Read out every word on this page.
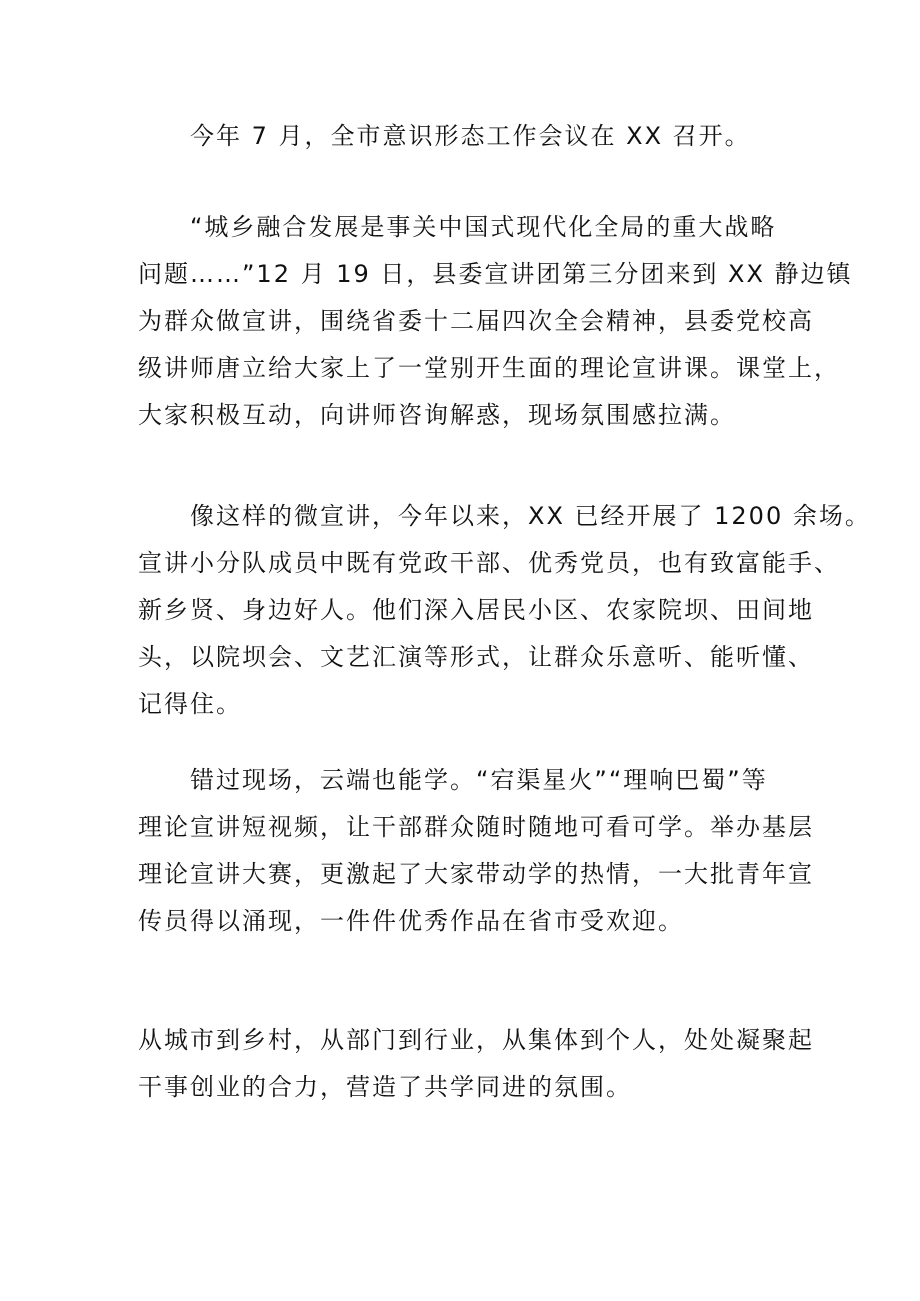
今年 7 月，全市意识形态工作会议在 XX 召开。

“城乡融合发展是事关中国式现代化全局的重大战略
问题……”12 月 19 日，县委宣讲团第三分团来到 XX 静边镇
为群众做宣讲，围绕省委十二届四次全会精神，县委党校高
级讲师唐立给大家上了一堂别开生面的理论宣讲课。课堂上，
大家积极互动，向讲师咨询解惑，现场氛围感拉满。

像这样的微宣讲，今年以来，XX 已经开展了 1200 余场。
宣讲小分队成员中既有党政干部、优秀党员，也有致富能手、
新乡贤、身边好人。他们深入居民小区、农家院坝、田间地
头，以院坝会、文艺汇演等形式，让群众乐意听、能听懂、
记得住。

错过现场，云端也能学。“宕渠星火”“理响巴蜀”等
理论宣讲短视频，让干部群众随时随地可看可学。举办基层
理论宣讲大赛，更激起了大家带动学的热情，一大批青年宣
传员得以涌现，一件件优秀作品在省市受欢迎。

从城市到乡村，从部门到行业，从集体到个人，处处凝聚起
干事创业的合力，营造了共学同进的氛围。
